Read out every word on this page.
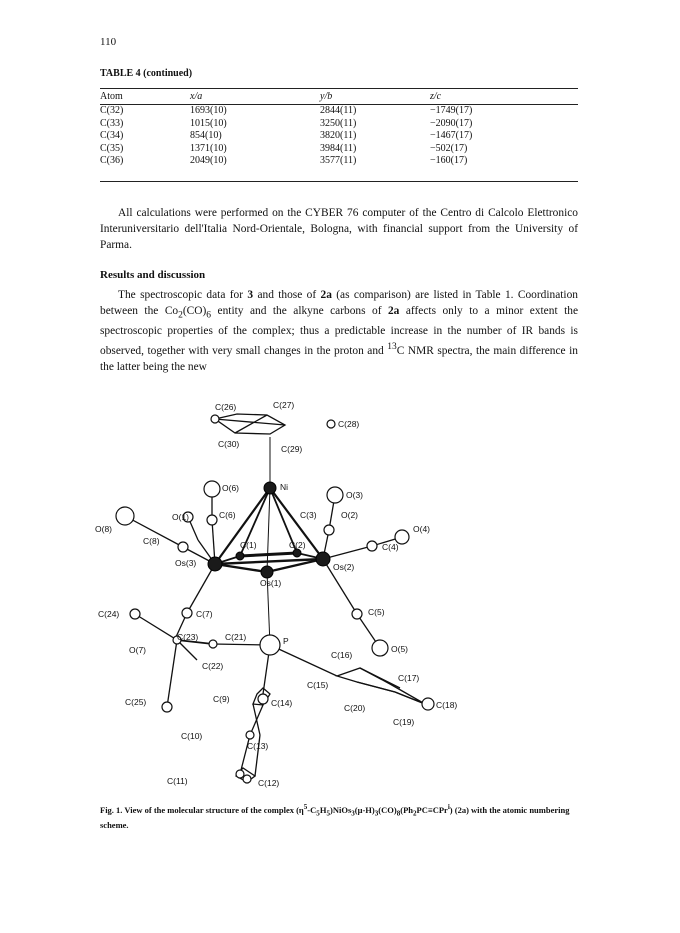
110
TABLE 4 (continued)
Atom	x/a	y/b	z/c
C(32)	1693(10)	2844(11)	−1749(17)
C(33)	1015(10)	3250(11)	−2090(17)
C(34)	854(10)	3820(11)	−1467(17)
C(35)	1371(10)	3984(11)	−502(17)
C(36)	2049(10)	3577(11)	−160(17)

All calculations were performed on the CYBER 76 computer of the Centro di Calcolo Elettronico Interuniversitario dell'Italia Nord-Orientale, Bologna, with financial support from the University of Parma.

Results and discussion

The spectroscopic data for 3 and those of 2a (as comparison) are listed in Table 1. Coordination between the $Co_2(CO)_6$ entity and the alkyne carbons of 2a affects only to a minor extent the spectroscopic properties of the complex; thus a predictable increase in the number of IR bands is observed, together with very small changes in the proton and $^{13}$C NMR spectra, the main difference in the latter being the new

C(26)	C(27)
C(28)
C(30)	C(29)
Ni
O(6)
O(3)
O(1)	C(6)	C(3)	O(2)
O(8)	O(4)
C(8)	C(1)	C(2)	C(4)
Os(3)	Os(2)
Os(1)
C(5)
C(24)	C(7)
P
C(23)	C(21)
O(7)	O(5)
C(16)
C(22)
C(17)
C(15)
C(25)	C(9)	C(14)	C(20)	C(18)
C(19)
C(10)
C(13)
C(11)	C(12)
Fig. 1. View of the molecular structure of the complex $(\eta^5-C_5H_5)NiOs_3(\mu-H)_3(CO)_8(Ph_2PC\equiv CPr^i)$ (2a) with the atomic numbering scheme.
